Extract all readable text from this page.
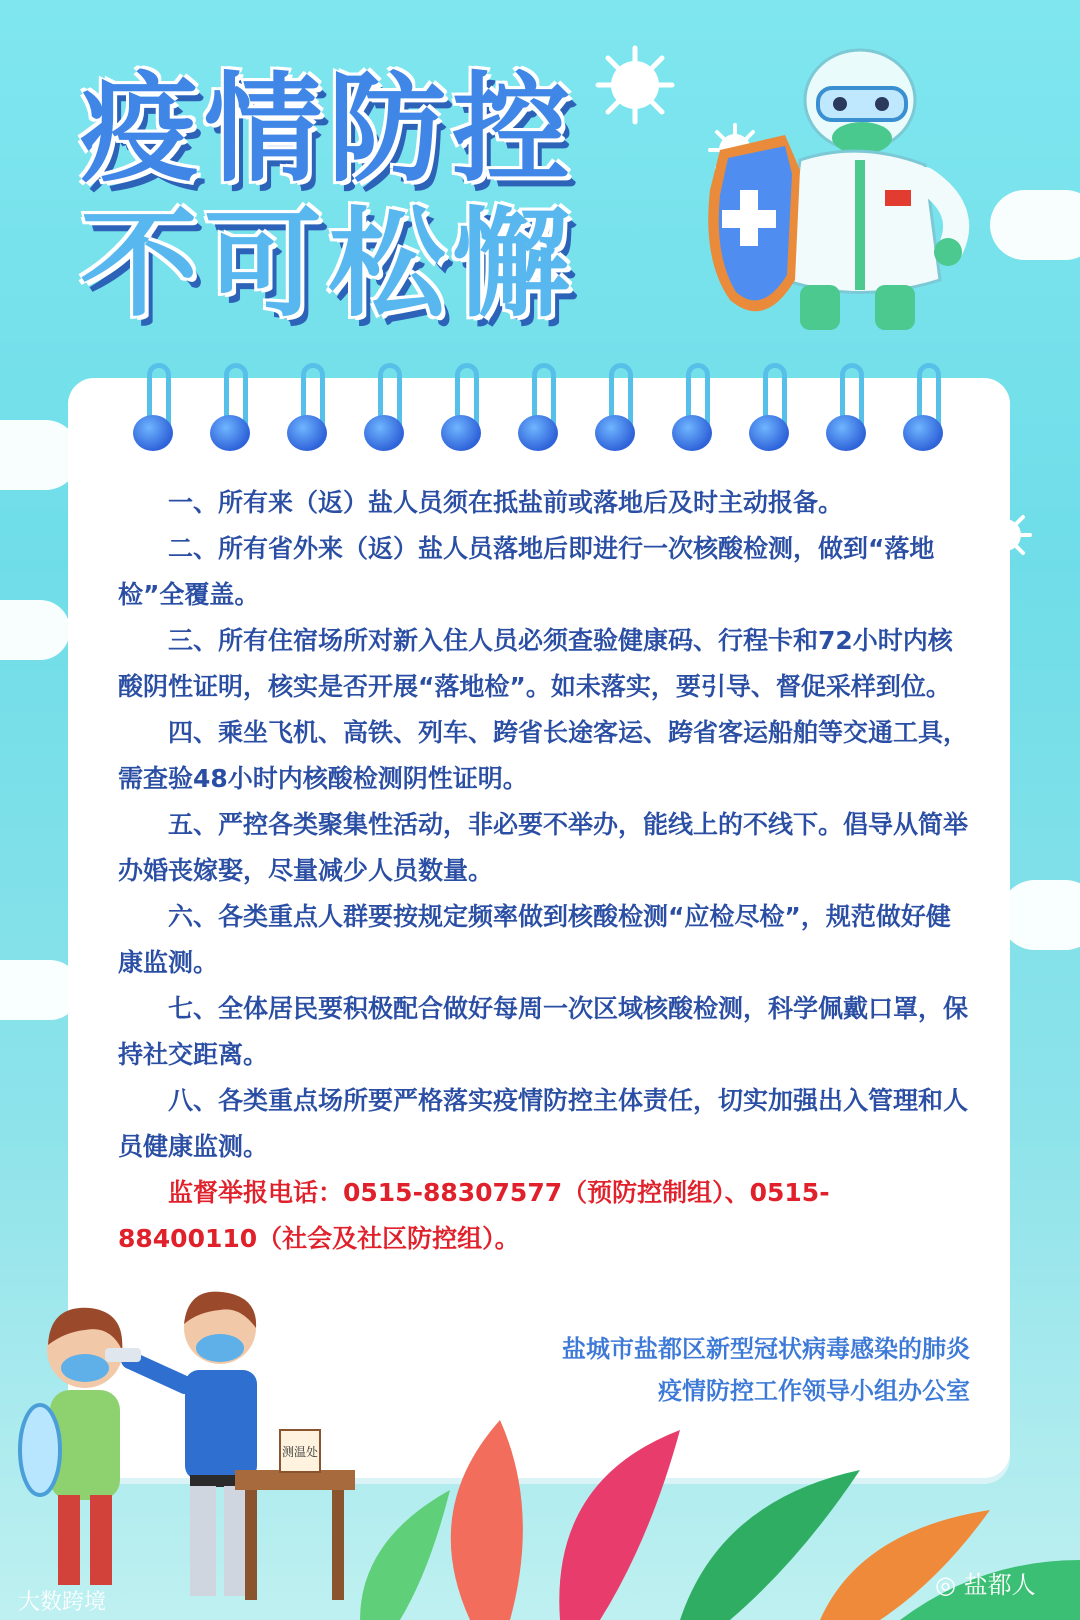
疫情防控
不可松懈

一、所有来（返）盐人员须在抵盐前或落地后及时主动报备。

二、所有省外来（返）盐人员落地后即进行一次核酸检测，做到“落地检”全覆盖。

三、所有住宿场所对新入住人员必须查验健康码、行程卡和72小时内核酸阴性证明，核实是否开展“落地检”。如未落实，要引导、督促采样到位。

四、乘坐飞机、高铁、列车、跨省长途客运、跨省客运船舶等交通工具，需查验48小时内核酸检测阴性证明。

五、严控各类聚集性活动，非必要不举办，能线上的不线下。倡导从简举办婚丧嫁娶，尽量减少人员数量。

六、各类重点人群要按规定频率做到核酸检测“应检尽检”，规范做好健康监测。

七、全体居民要积极配合做好每周一次区域核酸检测，科学佩戴口罩，保持社交距离。

八、各类重点场所要严格落实疫情防控主体责任，切实加强出入管理和人员健康监测。

监督举报电话：0515-88307577（预防控制组）、0515-88400110（社会及社区防控组）。

盐城市盐都区新型冠状病毒感染的肺炎
疫情防控工作领导小组办公室
测温处
大数跨境
◎ 盐都人
